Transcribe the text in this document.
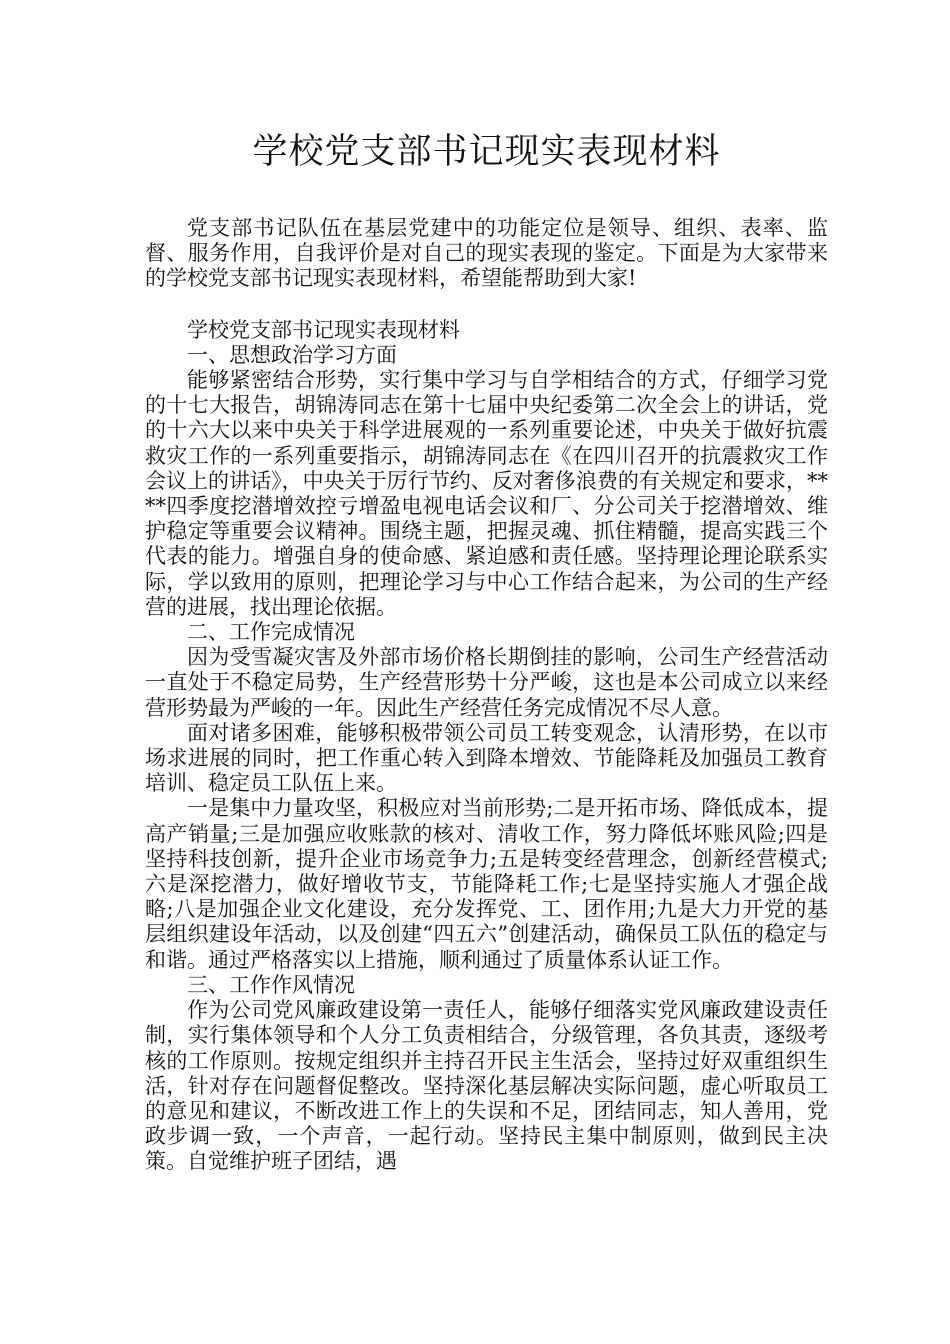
学校党支部书记现实表现材料

党支部书记队伍在基层党建中的功能定位是领导、组织、表率、监督、服务作用，自我评价是对自己的现实表现的鉴定。下面是为大家带来的学校党支部书记现实表现材料，希望能帮助到大家!

学校党支部书记现实表现材料

一、思想政治学习方面

能够紧密结合形势，实行集中学习与自学相结合的方式，仔细学习党的十七大报告，胡锦涛同志在第十七届中央纪委第二次全会上的讲话，党的十六大以来中央关于科学进展观的一系列重要论述，中央关于做好抗震救灾工作的一系列重要指示，胡锦涛同志在《在四川召开的抗震救灾工作会议上的讲话》，中央关于厉行节约、反对奢侈浪费的有关规定和要求，****四季度挖潜增效控亏增盈电视电话会议和厂、分公司关于挖潜增效、维护稳定等重要会议精神。围绕主题，把握灵魂、抓住精髓，提高实践三个代表的能力。增强自身的使命感、紧迫感和责任感。坚持理论理论联系实际，学以致用的原则，把理论学习与中心工作结合起来，为公司的生产经营的进展，找出理论依据。

二、工作完成情况

因为受雪凝灾害及外部市场价格长期倒挂的影响，公司生产经营活动一直处于不稳定局势，生产经营形势十分严峻，这也是本公司成立以来经营形势最为严峻的一年。因此生产经营任务完成情况不尽人意。

面对诸多困难，能够积极带领公司员工转变观念，认清形势，在以市场求进展的同时，把工作重心转入到降本增效、节能降耗及加强员工教育培训、稳定员工队伍上来。

一是集中力量攻坚，积极应对当前形势;二是开拓市场、降低成本，提高产销量;三是加强应收账款的核对、清收工作，努力降低坏账风险;四是坚持科技创新，提升企业市场竞争力;五是转变经营理念，创新经营模式;六是深挖潜力，做好增收节支，节能降耗工作;七是坚持实施人才强企战略;八是加强企业文化建设，充分发挥党、工、团作用;九是大力开党的基层组织建设年活动，以及创建“四五六”创建活动，确保员工队伍的稳定与和谐。通过严格落实以上措施，顺利通过了质量体系认证工作。

三、工作作风情况

作为公司党风廉政建设第一责任人，能够仔细落实党风廉政建设责任制，实行集体领导和个人分工负责相结合，分级管理，各负其责，逐级考核的工作原则。按规定组织并主持召开民主生活会，坚持过好双重组织生活，针对存在问题督促整改。坚持深化基层解决实际问题，虚心听取员工的意见和建议，不断改进工作上的失误和不足，团结同志，知人善用，党政步调一致，一个声音，一起行动。坚持民主集中制原则，做到民主决策。自觉维护班子团结，遇
